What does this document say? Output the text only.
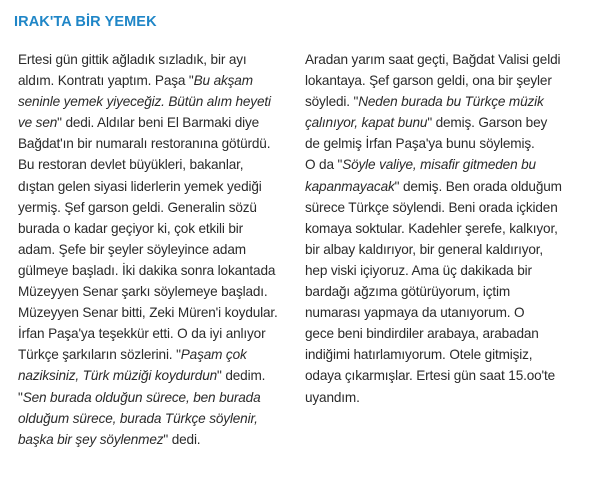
IRAK'TA BİR YEMEK
Ertesi gün gittik ağladık sızladık, bir ayı
aldım. Kontratı yaptım. Paşa "Bu akşam
seninle yemek yiyeceğiz. Bütün alım heyeti
ve sen" dedi. Aldılar beni El Barmaki diye
Bağdat'ın bir numaralı restoranına götürdü.
Bu restoran devlet büyükleri, bakanlar,
dıştan gelen siyasi liderlerin yemek yediği
yermiş. Şef garson geldi. Generalin sözü
burada o kadar geçiyor ki, çok etkili bir
adam. Şefe bir şeyler söyleyince adam
gülmeye başladı. İki dakika sonra lokantada
Müzeyyen Senar şarkı söylemeye başladı.
Müzeyyen Senar bitti, Zeki Müren'i koydular.
İrfan Paşa'ya teşekkür etti. O da iyi anlıyor
Türkçe şarkıların sözlerini. "Paşam çok
naziksiniz, Türk müziği koydurdun" dedim.
"Sen burada olduğun sürece, ben burada
olduğum sürece, burada Türkçe söylenir,
başka bir şey söylenmez" dedi.
Aradan yarım saat geçti, Bağdat Valisi geldi
lokantaya. Şef garson geldi, ona bir şeyler
söyledi. "Neden burada bu Türkçe müzik
çalınıyor, kapat bunu" demiş. Garson bey
de gelmiş İrfan Paşa'ya bunu söylemiş.
O da "Söyle valiye, misafir gitmeden bu
kapanmayacak" demiş. Ben orada olduğum
sürece Türkçe söylendi. Beni orada içkiden
komaya soktular. Kadehler şerefe, kalkıyor,
bir albay kaldırıyor, bir general kaldırıyor,
hep viski içiyoruz. Ama üç dakikada bir
bardağı ağzıma götürüyorum, içtim
numarası yapmaya da utanıyorum. O
gece beni bindirdiler arabaya, arabadan
indiğimi hatırlamıyorum. Otele gitmişiz,
odaya çıkarmışlar. Ertesi gün saat 15.oo'te
uyandım.
